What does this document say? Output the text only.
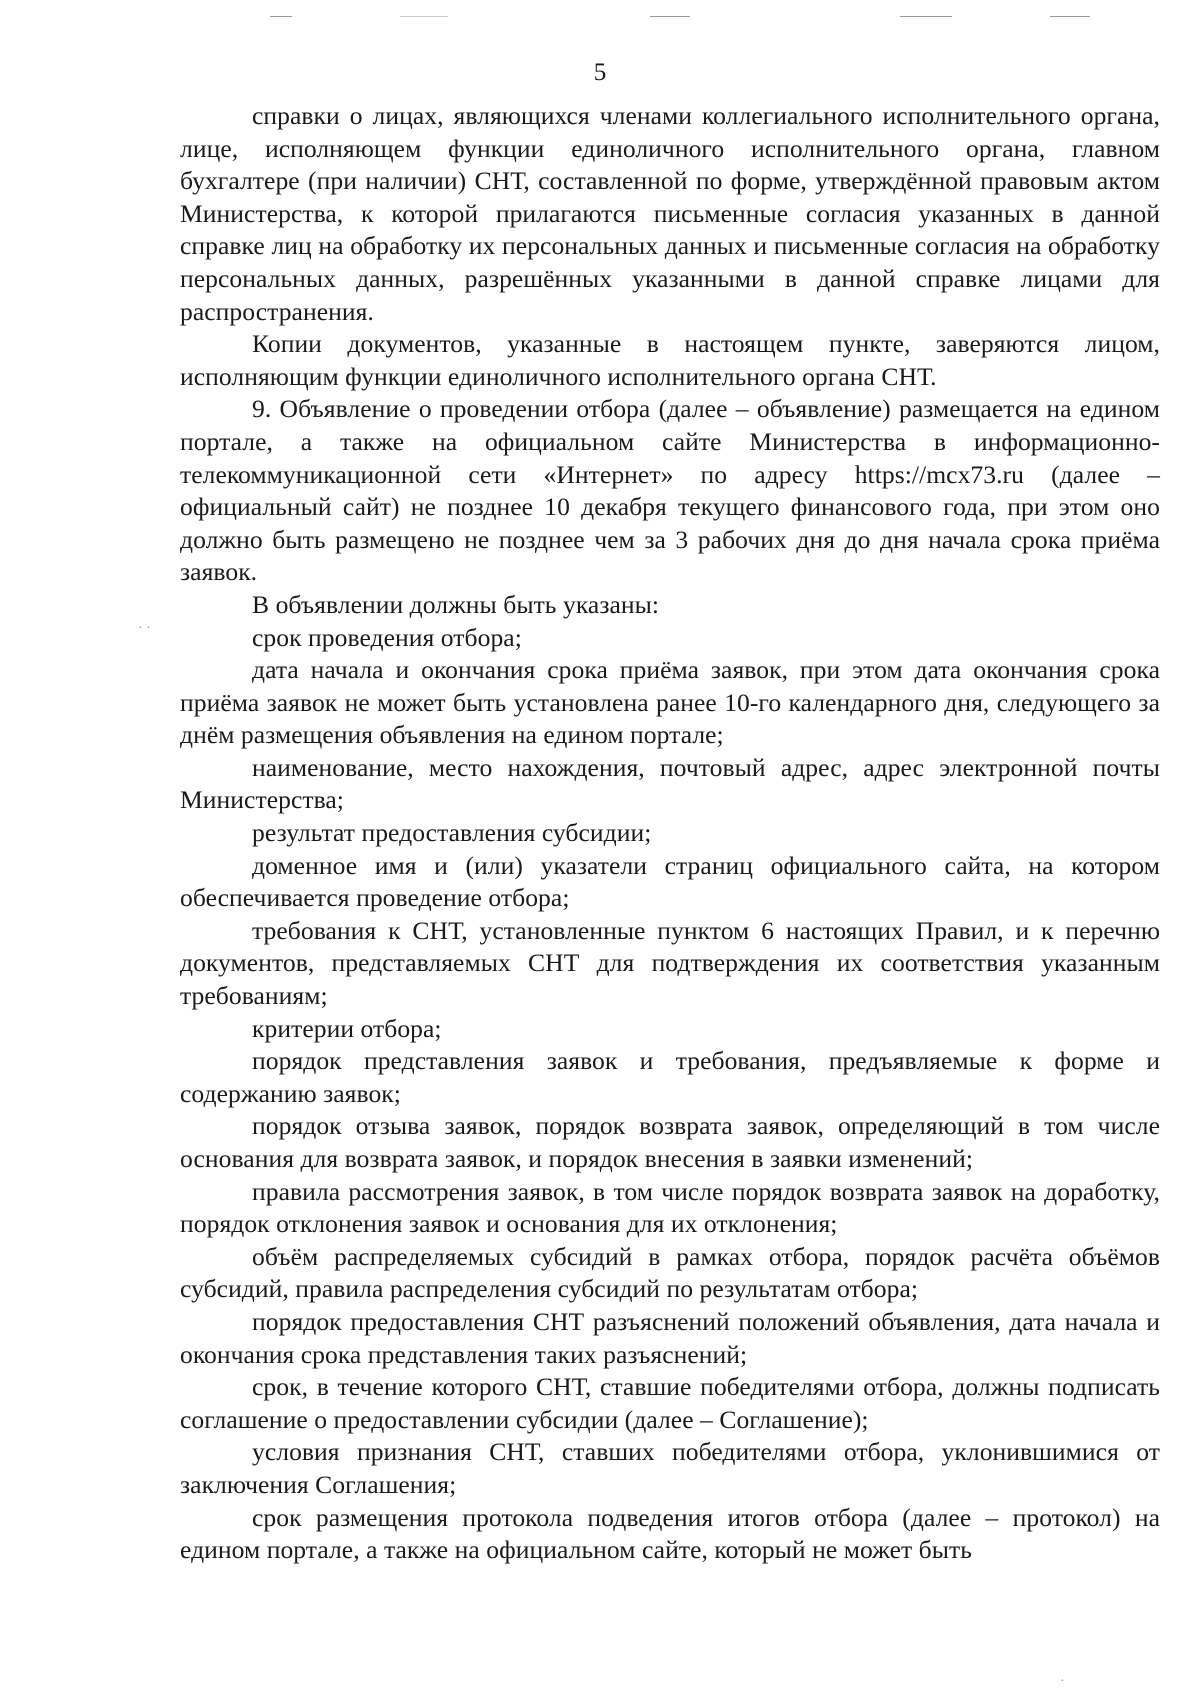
5

справки о лицах, являющихся членами коллегиального исполнительного органа, лице, исполняющем функции единоличного исполнительного органа, главном бухгалтере (при наличии) СНТ, составленной по форме, утверждённой правовым актом Министерства, к которой прилагаются письменные согласия указанных в данной справке лиц на обработку их персональных данных и письменные согласия на обработку персональных данных, разрешённых указанными в данной справке лицами для распространения.

Копии документов, указанные в настоящем пункте, заверяются лицом, исполняющим функции единоличного исполнительного органа СНТ.

9. Объявление о проведении отбора (далее – объявление) размещается на едином портале, а также на официальном сайте Министерства в информационно-телекоммуникационной сети «Интернет» по адресу https://mcx73.ru (далее – официальный сайт) не позднее 10 декабря текущего финансового года, при этом оно должно быть размещено не позднее чем за 3 рабочих дня до дня начала срока приёма заявок.

В объявлении должны быть указаны:

срок проведения отбора;

дата начала и окончания срока приёма заявок, при этом дата окончания срока приёма заявок не может быть установлена ранее 10-го календарного дня, следующего за днём размещения объявления на едином портале;

наименование, место нахождения, почтовый адрес, адрес электронной почты Министерства;

результат предоставления субсидии;

доменное имя и (или) указатели страниц официального сайта, на котором обеспечивается проведение отбора;

требования к СНТ, установленные пунктом 6 настоящих Правил, и к перечню документов, представляемых СНТ для подтверждения их соответствия указанным требованиям;

критерии отбора;

порядок представления заявок и требования, предъявляемые к форме и содержанию заявок;

порядок отзыва заявок, порядок возврата заявок, определяющий в том числе основания для возврата заявок, и порядок внесения в заявки изменений;

правила рассмотрения заявок, в том числе порядок возврата заявок на доработку, порядок отклонения заявок и основания для их отклонения;

объём распределяемых субсидий в рамках отбора, порядок расчёта объёмов субсидий, правила распределения субсидий по результатам отбора;

порядок предоставления СНТ разъяснений положений объявления, дата начала и окончания срока представления таких разъяснений;

срок, в течение которого СНТ, ставшие победителями отбора, должны подписать соглашение о предоставлении субсидии (далее – Соглашение);

условия признания СНТ, ставших победителями отбора, уклонившимися от заключения Соглашения;

срок размещения протокола подведения итогов отбора (далее – протокол) на едином портале, а также на официальном сайте, который не может быть

· ·
·
